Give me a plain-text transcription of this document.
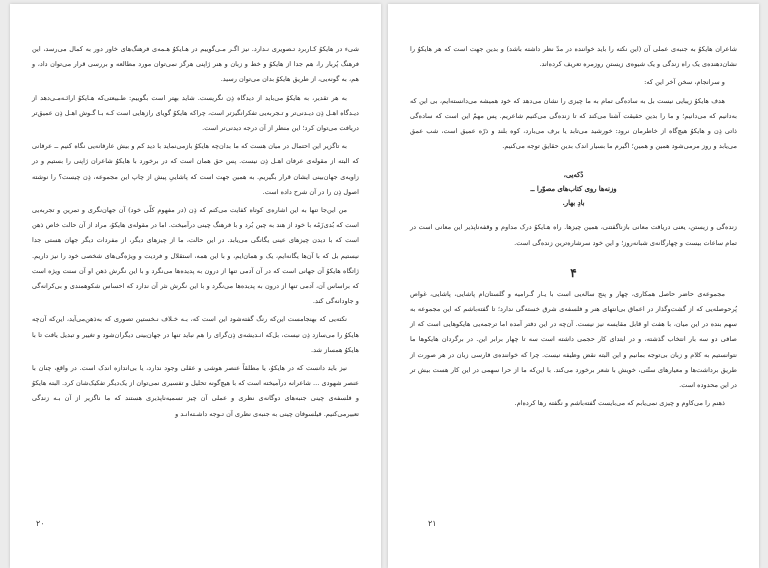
شی‌ء در هایکوُ کـاربرد تـصویری نـدارد. نیز اگـر مـی‌گوییم در هـایکوُ هـمه‌ی فرهنگ‌های خاور دور به کمال می‌رسد، این فرهنگ پُربار را، هم جدا از هایکوُ و خط و زبان و هنر ژاپنی هرگز نمی‌توان مورد مطالعه و بررسی قرار می‌توان داد، و هم، به گونه‌یی، از طریق هایکوُ بدان می‌توان رسید.

به هر تقدیر، به هایکوُ می‌باید از دیدگاه ذِن نگریست. شاید بهتر است بگوییم: طـبیعتی‌که هـایکوُ ارائـه‌مـی‌دهد از دیـدگاه اهـل ذِن دیـدنی‌تر و تـجربه‌یی تفکرانگیزتر است، چراکه هایکوُ گویای رازهایی است کـه بـا گـوش اهـل ذِن عمیق‌تر دریافت می‌توان کرد؛ این منظر از آن درجه دیدنی‌تر است.

به تاگزیر این احتمال در میان هست که ما بدان‌چه هایکوُ بازمی‌نماید با دید کم و بیش عارفانه‌یی نگاه کنیم ــ عرفانی که البته از مقوله‌ی عرفان اهـل ذِن نیست. پس حق همان است که در برخورد با هایکوُ شاعران ژاپنی را بستیم و در زاویه‌ی جهان‌بینی ایشان قرار بگیریم. به همین جهت است که پاشاییِ پیش از چاپ این مجموعه، ذِن چیست؟ را نوشته اصول ذِن را در آن شرح داده است.

من این‌جا تنها به این اشاره‌ی کوتاه کفایت می‌کنم که ذِن (در مفهوم کلّی خود) آن جهان‌نگری و تمرین و تجربه‌یی است که بُدی‌زَمُه با خود از هند به چین بُرد و با فرهنگ چینی درآمیخت. اما در مقوله‌ی هایکوُ، مراد از آن حالت خاص ذهن است که با دیدن چیزهای عینی یگانگی می‌یابد. در این حالت، ما از چیزهای دیگر، از مفردات دیگر جهان هستی جدا نیستیم بل که با آن‌ها یگانه‌ایم، یک و همان‌ایم، و با این همه، استقلال و فردیت و ویژه‌گی‌های شخصی خود را نیز داریم. ژاتگاه هایکوُ آن جهانی است که در آن آدمی تنها از درون به پدیده‌ها می‌نگرد و با این نگرش ذهن او آن سنت ویژه است که براساس آن، آدمی تنها از درون به پدیده‌ها می‌نگرد و با این نگرش نثر آن ندارد که احساس شکوهمندی و بی‌کرانه‌گی و جاودانه‌گی کند.

نکته‌یی که بهنجامست این‌که رنگ گفته‌شود این است که، بـه خـلاف نـخستین تصوری که به‌ذهن‌می‌آید، این‌که آن‌چه هایکوُ را می‌سازد ذِن نیست، بل‌که انـدیشه‌ی ذِن‌گرای را هم نباید تنها در جهان‌بینی دیگران‌شود و تغییر و تبدیل یافت تا با هایکوُ همساز شد.

نیز باید دانست که در هایکوُ، یا مطلقاً عنصر هوشی و عقلی وجود ندارد، یا بی‌اندازه اندک است. در واقع، چنان با عنصر شهودی ... شاعرانه درآمیخته است که با هیچ‌گونه تحلیل و تفسیری نمی‌توان از یک‌دیگر تفکیک‌شان کرد. البته هایکوُ و فلسفه‌ی چینی جنبه‌های دوگانه‌ی نظری و عملی آن چیز تسمیه‌ناپذیری هستند که ما ناگزیر از آن بـه زندگی تعبیرمی‌کنیم. فیلسوفان چینی به جنبه‌ی نظری آن تـوجه داشـته‌انـد و

۲۰

شاعران هایکوُ به جنبه‌ی عملی آن (این نکته را باید خواننده در مدّ نظر داشته باشد) و بدین جهت است که هر هایکوُ را نشان‌دهنده‌ی یک راه زندگی و یک شیوه‌ی زیستن روزمره تعریف کرده‌اند.

و سرانجام، سخن آخر این که:

هدف هایکوُ زیبایی نیست بل به ساده‌گی تمام به ما چیزی را نشان می‌دهد که خود همیشه می‌دانسته‌ایم، بی این که به‌دانیم که می‌دانیم؛ و ما را بدین حقیقت آشنا می‌کند که تا زنده‌گی می‌کنیم شاعریم. پس مهمّ این است که ساده‌گی ذاتی ذِن و هایکوُ هیچ‌گاه از خاطرمان نرود: خورشید می‌تابد یا برف می‌بارد، کوه بلند و ذرّه عمیق است، شب عمق می‌یابد و روز مرمی‌شود همین و همین؛ اگیرم ما بسیار اندک بدین حقایق توجه می‌کنیم.

دُکه‌یی،
وزنه‌ها روی کتاب‌های مصوّرا ــ
بادِ بهار.

زنده‌گی و زیستن، یعنی دریافت معانی بازناگفتنی، همین چیزها. راه هـایکوُ درک مداوم و وقفه‌ناپذیر این معانی است در تمام ساعات بیست و چهارگانه‌ی شبانه‌روز؛ و این خود سرشاره‌ترین زنده‌گی است.

۴

مجموعه‌ی حاضر حاصل همکاری، چهار و پنج ساله‌یی است با یـار گـرامیه و گلستان‌ام پاشایی، پاشایی، غواص پُرحوصله‌یی که از گشت‌وگذار در اعماق بی‌انتهای هنر و فلسفه‌ی شرق خسته‌گی ندارد؛ تا گفته‌باشم که این مجموعه به سهم بنده در این میان، با هفت او قابل مقایسه نیز نیست. آن‌چه در این دفتر آمده اما ترجمه‌یی هایکوهایی است که از صافی دو سه بار انتخاب گذشته، و در ابتدای کار حجمی داشته است سه تا چهار برابر این. در برگردان هایکوها ما نتوانستیم به کلام و زبان بی‌توجه بمانیم و این البته نقض وظیفه نیست. چرا که خواننده‌ی فارسی زبان در هر صورت از طریق برداشت‌ها و معیارهای سنّتی، خویش با شعر برخورد می‌کند. با این‌که ما از حرا سهمی در این کار هست بیش تر در این محدوده است.

ذهنم را می‌کاوم و چیزی نمی‌یابم که می‌بایست گفته‌باشم و نگفته رها کرده‌ام.

۲۱
